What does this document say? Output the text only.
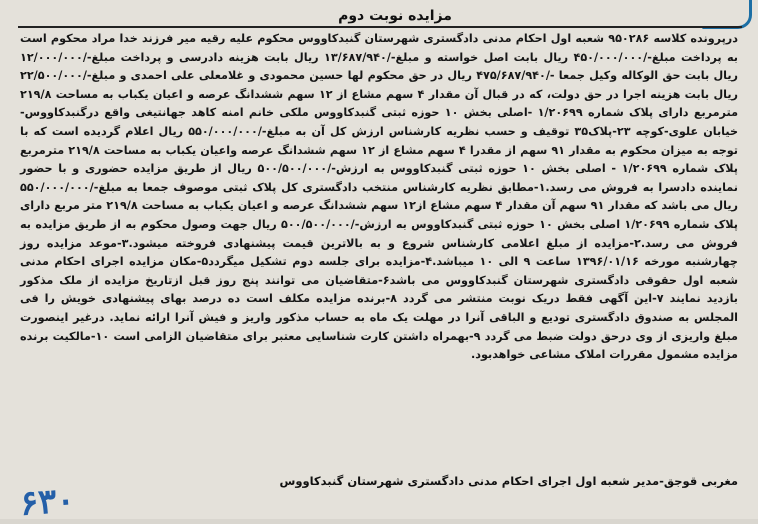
مزایده نوبت دوم
درپرونده کلاسه ۹۵۰۲۸۶ شعبه اول احکام مدنی دادگستری شهرستان گنبدکاووس محکوم علیه رقیه میر فرزند خدا مراد محکوم است به پرداخت مبلغ-/۴۵۰/۰۰۰/۰۰۰ ریال بابت اصل خواسته و مبلغ-/۱۳/۶۸۷/۹۴۰ ریال بابت هزینه دادرسی و پرداخت مبلغ-/۱۲/۰۰۰/۰۰۰ ریال بابت حق الوکاله وکیل جمعا -/۴۷۵/۶۸۷/۹۴۰ ریال در حق محکوم لها حسین محمودی و غلامعلی علی احمدی و مبلغ-/۲۲/۵۰۰/۰۰۰ ریال بابت هزینه اجرا در حق دولت، که در قبال آن مقدار ۴ سهم مشاع از ۱۲ سهم ششدانگ عرصه و اعیان یکباب به مساحت ۲۱۹/۸ مترمربع دارای پلاک شماره ۱/۲۰۶۹۹ -اصلی بخش ۱۰ حوزه ثبتی گنبدکاووس ملکی خانم امنه کاهد جهانتیغی واقع درگنبدکاووس-خیابان علوی-کوچه ۲۳-پلاک۳۵ توقیف و حسب نظریه کارشناس ارزش کل آن به مبلغ-/۵۵۰/۰۰۰/۰۰۰ ریال اعلام گردیده است که با توجه به میزان محکوم به مقدار ۹۱ سهم از مقدرا ۴ سهم مشاع از ۱۲ سهم ششدانگ عرصه واعیان یکباب به مساحت ۲۱۹/۸ مترمربع پلاک شماره ۱/۲۰۶۹۹ - اصلی بخش ۱۰ حوزه ثبتی گنبدکاووس به ارزش-/۵۰۰/۵۰۰/۰۰۰ ریال از طریق مزایده حضوری و با حضور نماینده دادسرا به فروش می رسد.۱-مطابق نظریه کارشناس منتخب دادگستری کل پلاک ثبتی موصوف جمعا به مبلغ-/۵۵۰/۰۰۰/۰۰۰ ریال می باشد که مقدار ۹۱ سهم آن مقدار ۴ سهم مشاع از۱۲ سهم ششدانگ عرصه و اعیان یکباب به مساحت ۲۱۹/۸ متر مربع دارای پلاک شماره ۱/۲۰۶۹۹ اصلی بخش ۱۰ حوزه ثبتی گنبدکاووس به ارزش-/۵۰۰/۵۰۰/۰۰۰ ریال جهت وصول محکوم به از طریق مزایده به فروش می رسد.۲-مزایده از مبلغ اعلامی کارشناس شروع و به بالاترین قیمت پیشنهادی فروخته میشود.۳-موعد مزایده روز چهارشنبه مورخه ۱۳۹۶/۰۱/۱۶ ساعت ۹ الی ۱۰ میباشد.۴-مزایده برای جلسه دوم تشکیل میگردد۵-مکان مزایده اجرای احکام مدنی شعبه اول حقوقی دادگستری شهرستان گنبدکاووس می باشد۶-متقاضیان می توانند پنج روز قبل ازتاریخ مزایده از ملک مذکور بازدید نمایند ۷-این آگهی فقط دریک نوبت منتشر می گردد ۸-برنده مزایده مکلف است ده درصد بهای پیشنهادی خویش را فی المجلس به صندوق دادگستری تودیع و الباقی آنرا در مهلت یک ماه به حساب مذکور واریز و فیش آنرا ارائه نماید. درغیر اینصورت مبلغ واریزی از وی درحق دولت ضبط می گردد ۹-بهمراه داشتن کارت شناسایی معتبر برای متقاضیان الزامی است ۱۰-مالکیت برنده مزایده مشمول مقررات املاک مشاعی خواهدبود.
مغربی قوجق-مدیر شعبه اول اجرای احکام مدنی دادگستری شهرستان گنبدکاووس
۶۳۰
